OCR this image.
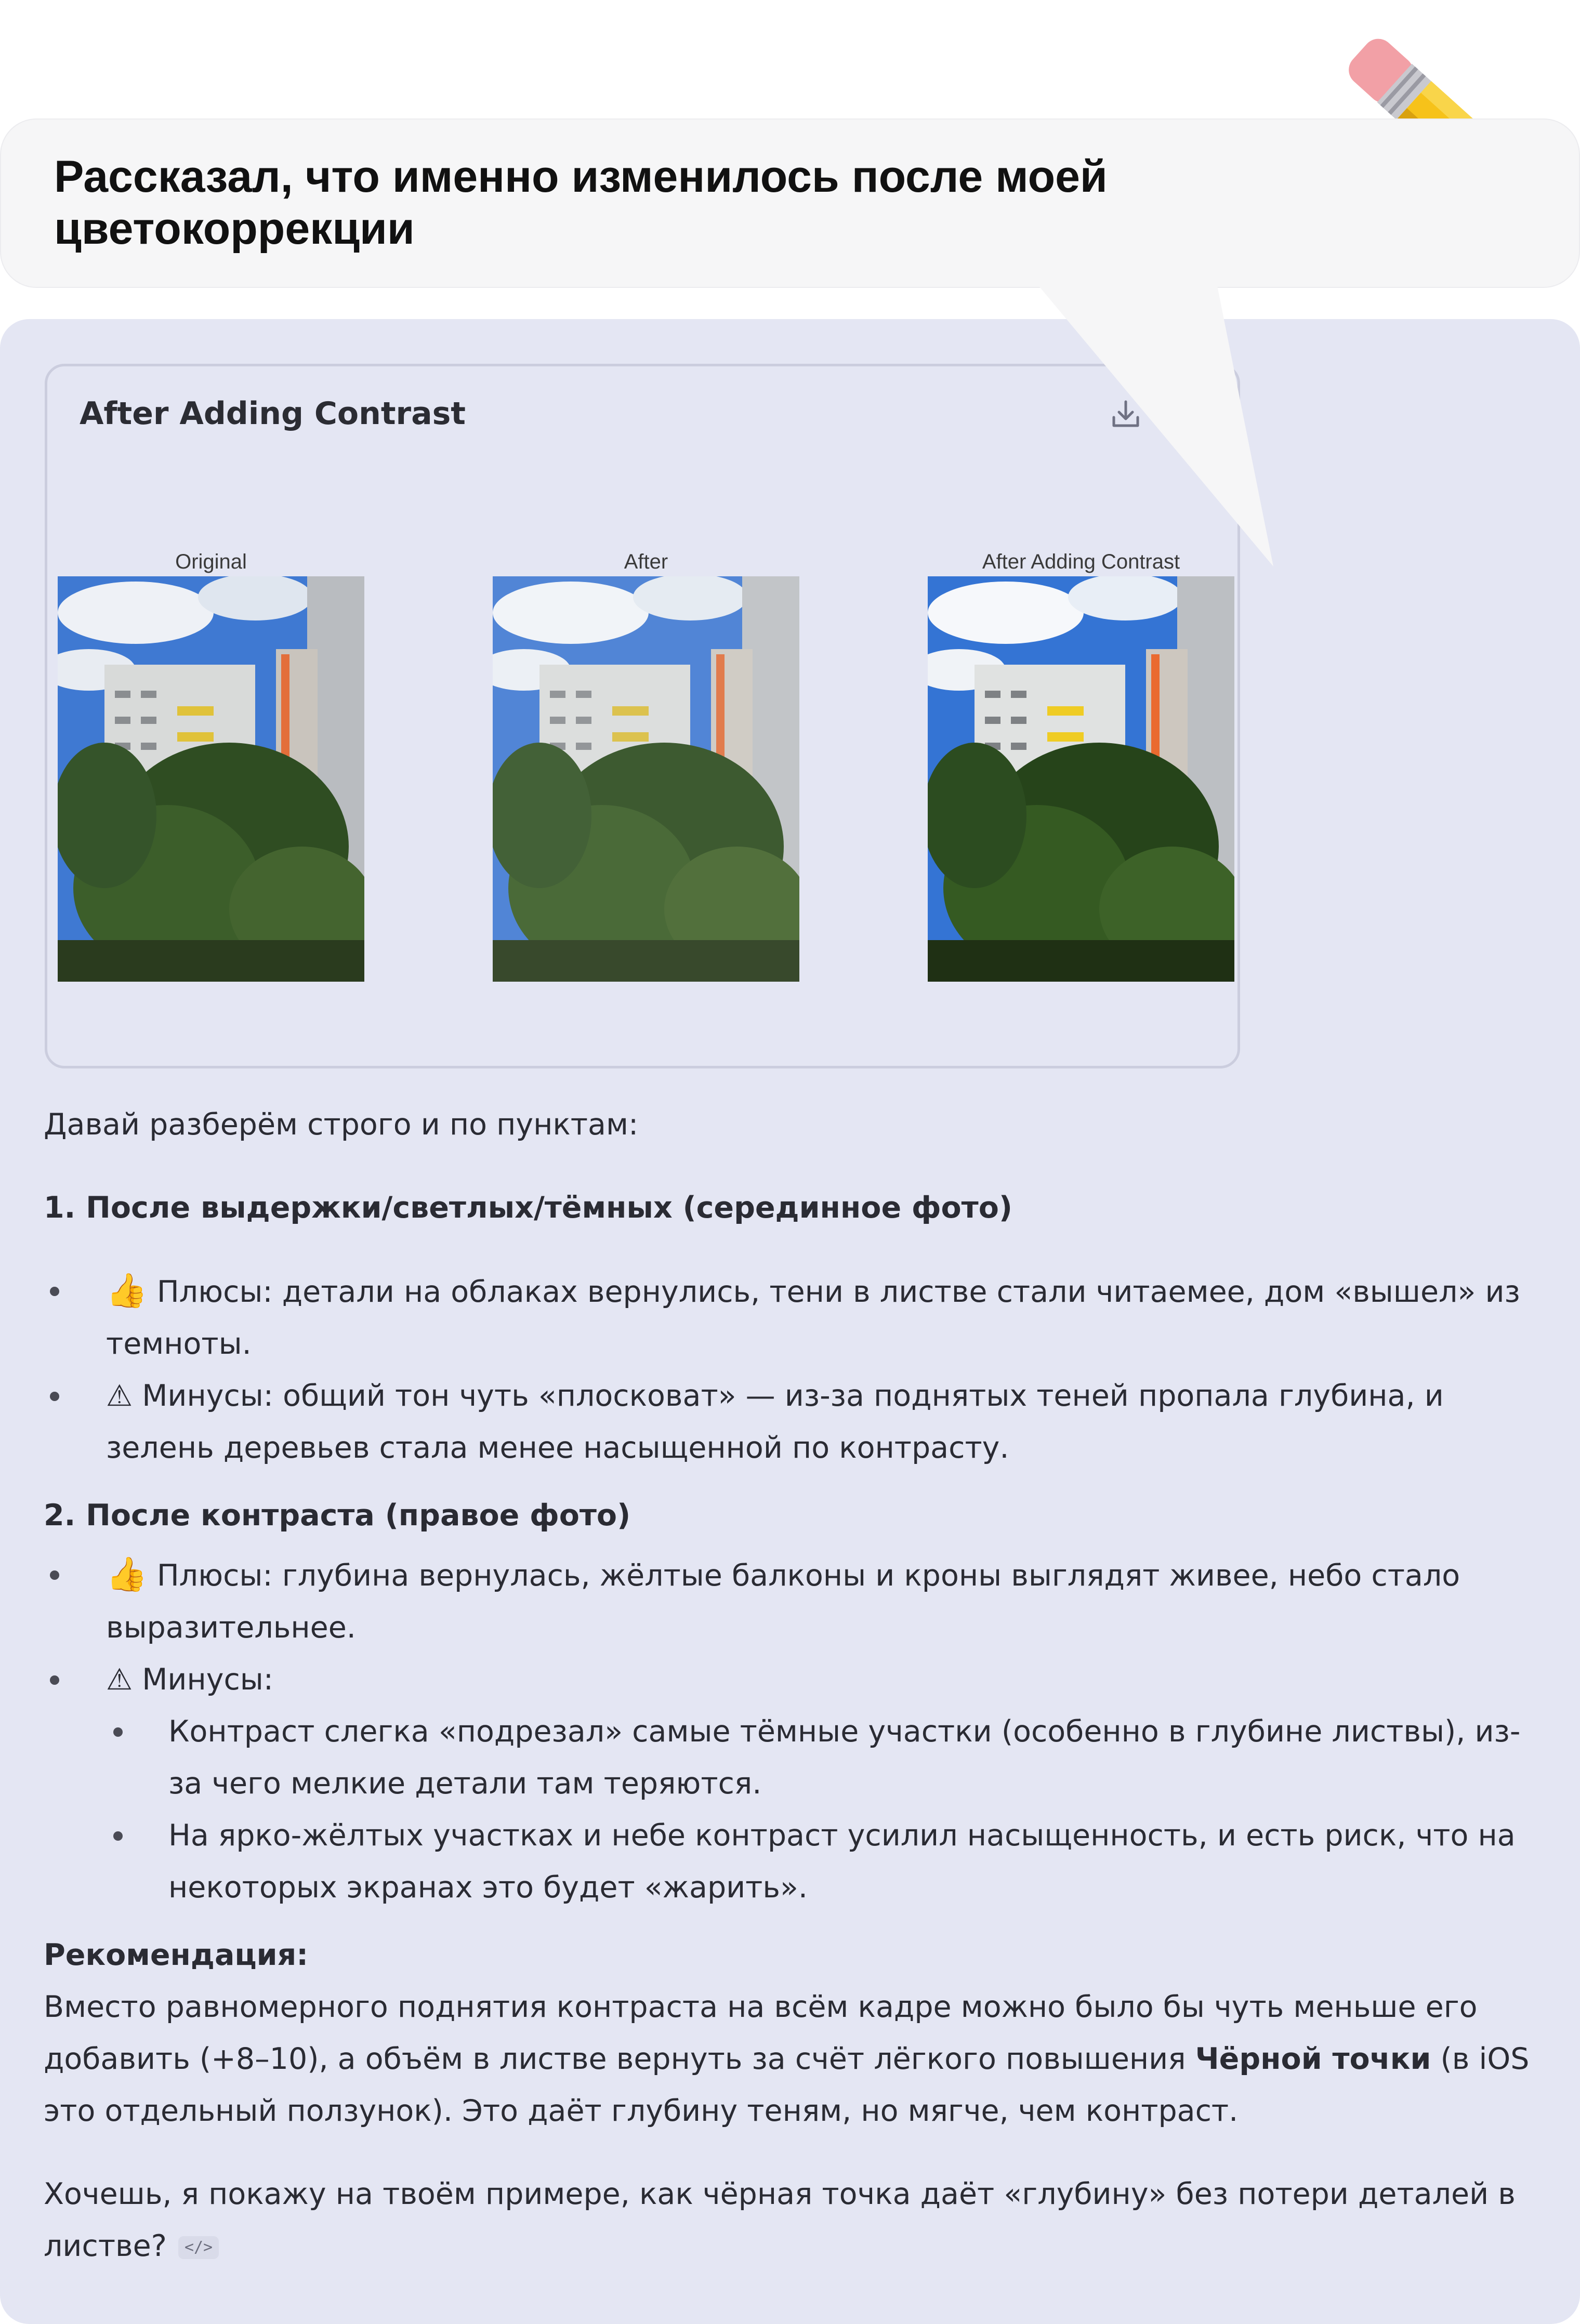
Рассказал, что именно изменилось после моей цветокоррекции

After Adding Contrast
Original	After	After Adding Contrast

Давай разберём строго и по пунктам:

1. После выдержки/светлых/тёмных (серединное фото)
👍 Плюсы: детали на облаках вернулись, тени в листве стали читаемее, дом «вышел» из темноты.
⚠ Минусы: общий тон чуть «плосковат» — из-за поднятых теней пропала глубина, и зелень деревьев стала менее насыщенной по контрасту.
2. После контраста (правое фото)
👍 Плюсы: глубина вернулась, жёлтые балконы и кроны выглядят живее, небо стало выразительнее.
⚠ Минусы:
Контраст слегка «подрезал» самые тёмные участки (особенно в глубине листвы), из-за чего мелкие детали там теряются.
На ярко-жёлтых участках и небе контраст усилил насыщенность, и есть риск, что на некоторых экранах это будет «жарить».
Рекомендация:

Вместо равномерного поднятия контраста на всём кадре можно было бы чуть меньше его добавить (+8–10), а объём в листве вернуть за счёт лёгкого повышения Чёрной точки (в iOS это отдельный ползунок). Это даёт глубину теням, но мягче, чем контраст.

Хочешь, я покажу на твоём примере, как чёрная точка даёт «глубину» без потери деталей в листве? </>
